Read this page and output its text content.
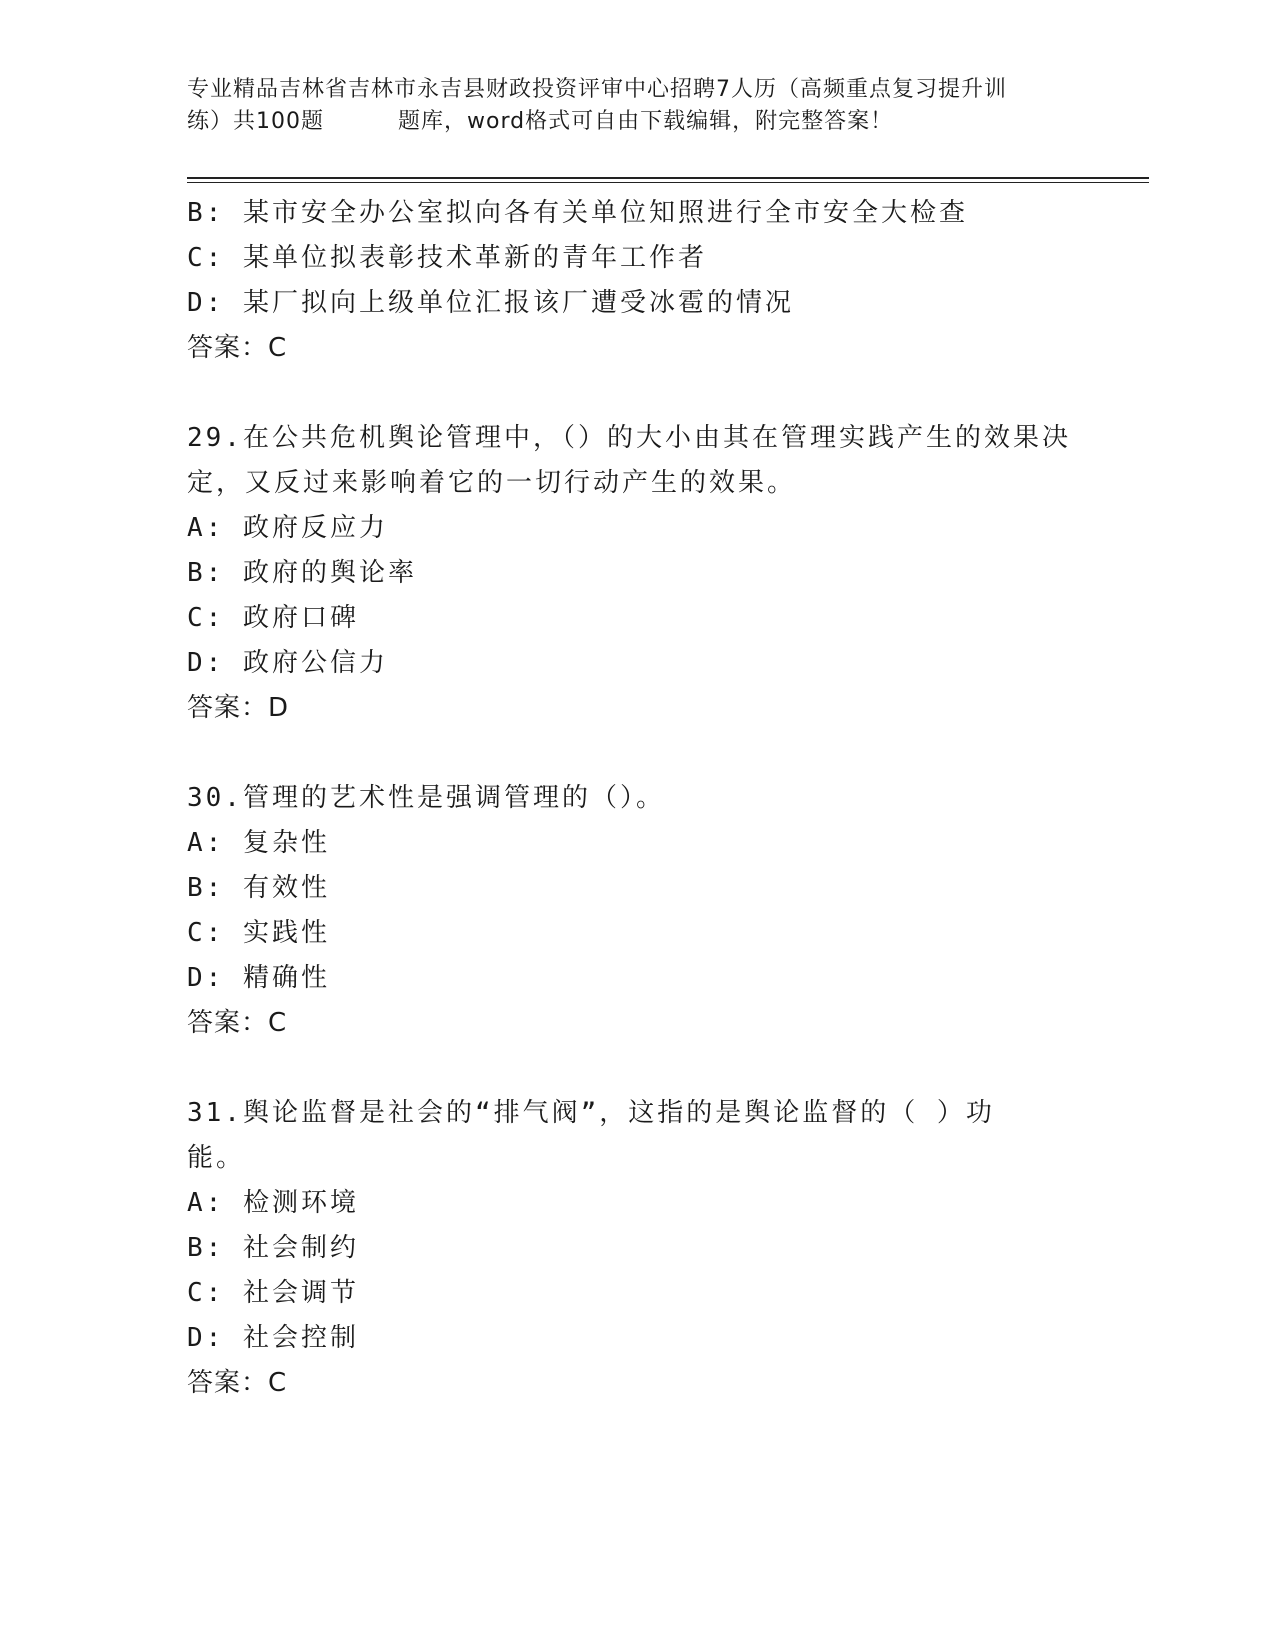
专业精品吉林省吉林市永吉县财政投资评审中心招聘7人历（高频重点复习提升训
练）共100题	题库，word格式可自由下载编辑，附完整答案！
B: 某市安全办公室拟向各有关单位知照进行全市安全大检查
C: 某单位拟表彰技术革新的青年工作者
D: 某厂拟向上级单位汇报该厂遭受冰雹的情况
答案：C
29.在公共危机舆论管理中，（）的大小由其在管理实践产生的效果决
定，又反过来影响着它的一切行动产生的效果。
A: 政府反应力
B: 政府的舆论率
C: 政府口碑
D: 政府公信力
答案：D
30.管理的艺术性是强调管理的（）。
A: 复杂性
B: 有效性
C: 实践性
D: 精确性
答案：C
31.舆论监督是社会的“排气阀”，这指的是舆论监督的（ ）功
能。
A: 检测环境
B: 社会制约
C: 社会调节
D: 社会控制
答案：C
